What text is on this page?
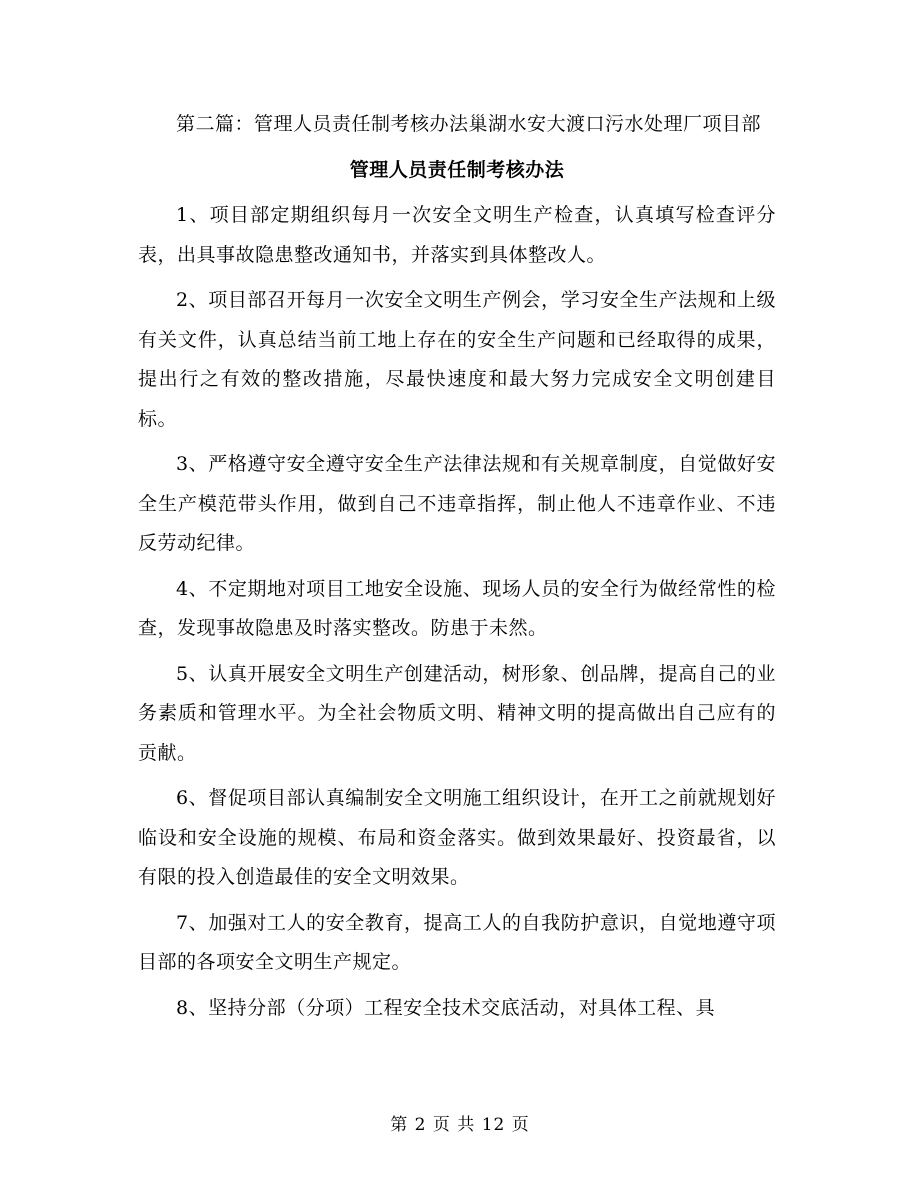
第二篇：管理人员责任制考核办法巢湖水安大渡口污水处理厂项目部

管理人员责任制考核办法

1、项目部定期组织每月一次安全文明生产检查，认真填写检查评分表，出具事故隐患整改通知书，并落实到具体整改人。

2、项目部召开每月一次安全文明生产例会，学习安全生产法规和上级有关文件，认真总结当前工地上存在的安全生产问题和已经取得的成果，提出行之有效的整改措施，尽最快速度和最大努力完成安全文明创建目标。

3、严格遵守安全遵守安全生产法律法规和有关规章制度，自觉做好安全生产模范带头作用，做到自己不违章指挥，制止他人不违章作业、不违反劳动纪律。

4、不定期地对项目工地安全设施、现场人员的安全行为做经常性的检查，发现事故隐患及时落实整改。防患于未然。

5、认真开展安全文明生产创建活动，树形象、创品牌，提高自己的业务素质和管理水平。为全社会物质文明、精神文明的提高做出自己应有的贡献。

6、督促项目部认真编制安全文明施工组织设计，在开工之前就规划好临设和安全设施的规模、布局和资金落实。做到效果最好、投资最省，以有限的投入创造最佳的安全文明效果。

7、加强对工人的安全教育，提高工人的自我防护意识，自觉地遵守项目部的各项安全文明生产规定。

8、坚持分部（分项）工程安全技术交底活动，对具体工程、具

第 2 页 共 12 页
